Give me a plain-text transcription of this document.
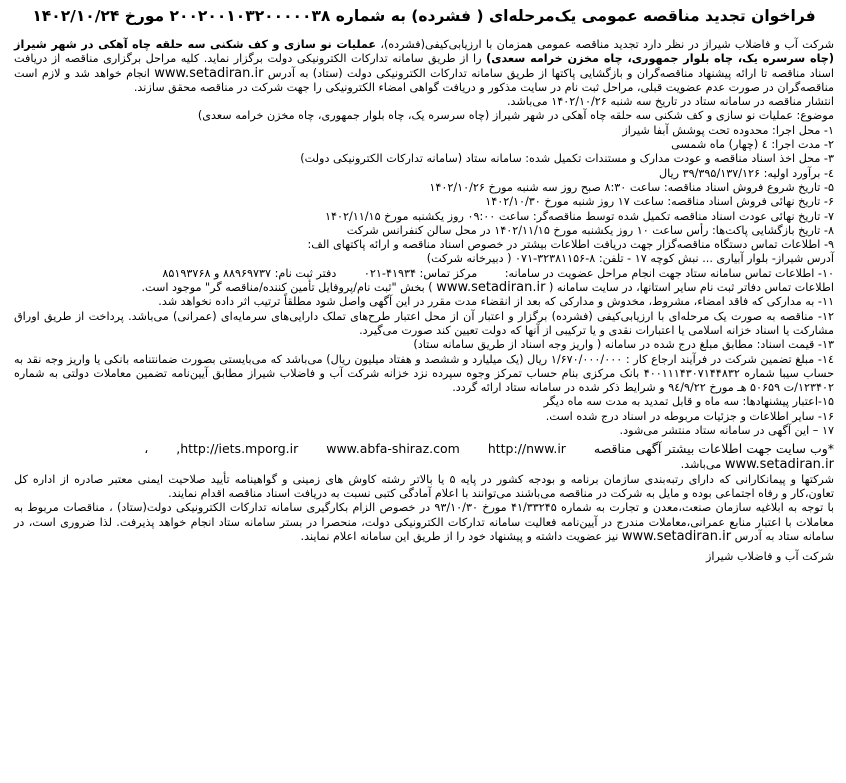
فراخوان تجدید مناقصه عمومی یک‌مرحله‌ای ( فشرده) به شماره ۲۰۰۲۰۰۱۰۳۲۰۰۰۰۰۳۸ مورخ ۱۴۰۲/۱۰/۲۴

شرکت آب و فاضلاب شیراز در نظر دارد تجدید مناقصه عمومی همزمان با ارزیابی‌کیفی(فشرده)، عملیات نو سازی و کف شکنی سه حلقه چاه آهکی در شهر شیراز (چاه سرسره یک، چاه بلوار جمهوری، چاه مخزن خرامه سعدی) را از طریق سامانه تدارکات الکترونیکی دولت برگزار نماید. کلیه مراحل برگزاری مناقصه از دریافت اسناد مناقصه تا ارائه پیشنهاد مناقصه‌گران و بازگشایی پاکتها از طریق سامانه تدارکات الکترونیکی دولت (ستاد) به آدرس www.setadiran.ir انجام خواهد شد و لازم است مناقصه‌گران در صورت عدم عضویت قبلی، مراحل ثبت نام در سایت مذکور و دریافت گواهی امضاء الکترونیکی را جهت شرکت در مناقصه محقق سازند.

انتشار مناقصه در سامانه ستاد در تاریخ سه شنبه ۱۴۰۲/۱۰/۲۶ می‌باشد.

موضوع: عملیات نو سازی و کف شکنی سه حلقه چاه آهکی در شهر شیراز (چاه سرسره یک، چاه بلوار جمهوری، چاه مخزن خرامه سعدی)

۱- محل اجرا: محدوده تحت پوشش آبفا شیراز

۲- مدت اجرا: ٤ (چهار) ماه شمسی

۳- محل اخذ اسناد مناقصه و عودت مدارک و مستندات تکمیل شده: سامانه ستاد (سامانه تدارکات الکترونیکی دولت)

٤- برآورد اولیه: ۳۹/۳۹۵/۱۳۷/۱۲۶ ریال

۵- تاریخ شروع فروش اسناد مناقصه: ساعت ۸:۳۰ صبح روز سه شنبه مورخ ۱۴۰۲/۱۰/۲۶

۶- تاریخ نهائی فروش اسناد مناقصه: ساعت ۱۷ روز شنبه مورخ ۱۴۰۲/۱۰/۳۰

۷- تاریخ نهائی عودت اسناد مناقصه تکمیل شده توسط مناقصه‌گر: ساعت ۰۹:۰۰ روز یکشنبه مورخ ۱۴۰۲/۱۱/۱۵

۸- تاریخ بازگشایی پاکت‌ها: رأس ساعت ۱۰ روز یکشنبه مورخ ۱۴۰۲/۱۱/۱۵ در محل سالن کنفرانس شرکت

۹- اطلاعات تماس دستگاه مناقصه‌گزار جهت دریافت اطلاعات بیشتر در خصوص اسناد مناقصه و ارائه پاکتهای الف:

آدرس شیراز- بلوار آبیاری ... نبش کوچه ۱۷ - تلفن: ۸-۳۲۳۸۱۱۵۶-۰۷۱ ( دبیرخانه شرکت)

۱۰- اطلاعات تماس سامانه ستاد جهت انجام مراحل عضویت در سامانه: مرکز تماس: ۴۱۹۳۴-۰۲۱ دفتر ثبت نام: ۸۸۹۶۹۷۳۷ و ۸۵۱۹۳۷۶۸

اطلاعات تماس دفاتر ثبت نام سایر استانها، در سایت سامانه ( www.setadiran.ir ) بخش "ثبت نام/پروفایل تأمین کننده/مناقصه گر" موجود است.

۱۱- به مدارکی که فاقد امضاء، مشروط، مخدوش و مدارکی که بعد از انقضاء مدت مقرر در این آگهی واصل شود مطلقاً ترتیب اثر داده نخواهد شد.

۱۲- مناقصه به صورت یک مرحله‌ای با ارزیابی‌کیفی (فشرده) برگزار و اعتبار آن از محل اعتبار طرح‌های تملک دارایی‌های سرمایه‌ای (عمرانی) می‌باشد. پرداخت از طریق اوراق مشارکت یا اسناد خزانه اسلامی یا اعتبارات نقدی و یا ترکیبی از آنها که دولت تعیین کند صورت می‌گیرد.

۱۳- قیمت اسناد: مطابق مبلغ درج شده در سامانه ( واریز وجه اسناد از طریق سامانه ستاد)

۱٤- مبلغ تضمین شرکت در فرآیند ارجاع کار : ۱/۶۷۰/۰۰۰/۰۰۰ ریال (یک میلیارد و ششصد و هفتاد میلیون ریال) می‌باشد که می‌بایستی بصورت ضمانتنامه بانکی یا واریز وجه نقد به حساب سیبا شماره ۴۰۰۱۱۱۴۳۰۷۱۴۴۸۳۲ بانک مرکزی بنام حساب تمرکز وجوه سپرده نزد خزانه شرکت آب و فاضلاب شیراز مطابق آیین‌نامه تضمین معاملات دولتی به شماره ۱۲۳۴۰۲/ت ۵۰۶۵۹ هـ مورخ ۹٤/۹/۲۲ و شرایط ذکر شده در سامانه ستاد ارائه گردد.

۱۵-اعتبار پیشنهادها: سه ماه و قابل تمدید به مدت سه ماه دیگر

۱۶- سایر اطلاعات و جزئیات مربوطه در اسناد درج شده است.

۱۷ – این آگهی در سامانه ستاد منتشر می‌شود.

*وب سایت جهت اطلاعات بیشتر آگهی مناقصه http://iets.mporg.ir www.abfa-shiraz.com http://nww.ir, ،

www.setadiran.ir می‌باشد.

شرکتها و پیمانکارانی که دارای رتبه‌بندی سازمان برنامه و بودجه کشور در پایه ۵ یا بالاتر رشته کاوش های زمینی و گواهینامه تأیید صلاحیت ایمنی معتبر صادره از اداره کل تعاون،کار و رفاه اجتماعی بوده و مایل به شرکت در مناقصه می‌باشند می‌توانند با اعلام آمادگی کتبی نسبت به دریافت اسناد مناقصه اقدام نمایند.

با توجه به ابلاغیه سازمان صنعت،معدن و تجارت به شماره ۴۱/۳۳۲۴۵ مورخ ۹۳/۱۰/۳۰ در خصوص الزام بکارگیری سامانه تدارکات الکترونیکی دولت(ستاد) ، مناقصات مربوط به معاملات با اعتبار منابع عمرانی،معاملات مندرج در آیین‌نامه فعالیت سامانه تدارکات الکترونیکی دولت، منحصرا در بستر سامانه ستاد انجام خواهد پذیرفت. لذا ضروری است، در سامانه ستاد به آدرس www.setadiran.ir نیز عضویت داشته و پیشنهاد خود را از طریق این سامانه اعلام نمایند.

شرکت آب و فاضلاب شیراز
